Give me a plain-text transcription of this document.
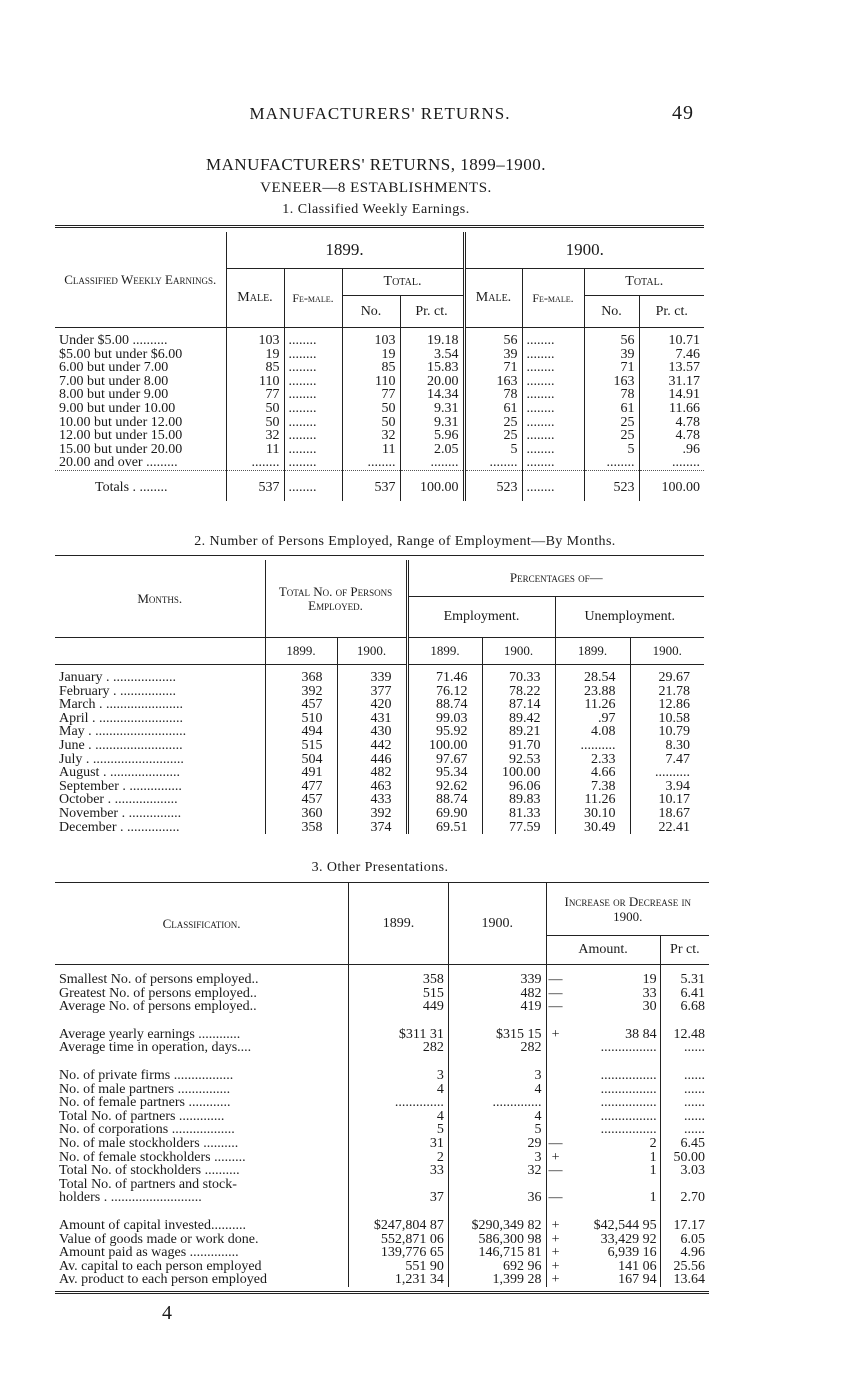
MANUFACTURERS' RETURNS.	49
MANUFACTURERS' RETURNS, 1899–1900.
VENEER—8 ESTABLISHMENTS.
1. Classified Weekly Earnings.
Classified Weekly Earnings.	1899.				1900.			
	Male.	Fe-male.	Total.		Male.	Fe-male.	Total.	
			No.	Pr. ct.			No.	Pr. ct.
Under $5.00 ..........	103	........	103	19.18	56	........	56	10.71
$5.00 but under $6.00	19	........	19	3.54	39	........	39	7.46
6.00 but under 7.00	85	........	85	15.83	71	........	71	13.57
7.00 but under 8.00	110	........	110	20.00	163	........	163	31.17
8.00 but under 9.00	77	........	77	14.34	78	........	78	14.91
9.00 but under 10.00	50	........	50	9.31	61	........	61	11.66
10.00 but under 12.00	50	........	50	9.31	25	........	25	4.78
12.00 but under 15.00	32	........	32	5.96	25	........	25	4.78
15.00 but under 20.00	11	........	11	2.05	5	........	5	.96
20.00 and over .........	........	........	........	........	........	........	........	........
Totals . ........	537	........	537	100.00	523	........	523	100.00
2. Number of Persons Employed, Range of Employment—By Months.
Months.	Total No. of Persons Employed.		Percentages of—			
			Employment.		Unemployment.	
	1899.	1900.	1899.	1900.	1899.	1900.
January . ..................	368	339	71.46	70.33	28.54	29.67
February . ................	392	377	76.12	78.22	23.88	21.78
March . ......................	457	420	88.74	87.14	11.26	12.86
April . ........................	510	431	99.03	89.42	.97	10.58
May . ..........................	494	430	95.92	89.21	4.08	10.79
June . .........................	515	442	100.00	91.70	..........	8.30
July . ..........................	504	446	97.67	92.53	2.33	7.47
August . ....................	491	482	95.34	100.00	4.66	..........
September . ...............	477	463	92.62	96.06	7.38	3.94
October . ..................	457	433	88.74	89.83	11.26	10.17
November . ...............	360	392	69.90	81.33	30.10	18.67
December . ...............	358	374	69.51	77.59	30.49	22.41
3. Other Presentations.
Classification.	1899.	1900.	Increase or Decrease in 1900.		
			Amount.		Pr ct.
Smallest No. of persons employed..	358	339	—	19	5.31
Greatest No. of persons employed..	515	482	—	33	6.41
Average No. of persons employed..	449	419	—	30	6.68
Average yearly earnings ............	$311 31	$315 15	+	38 84	12.48
Average time in operation, days....	282	282		................	......
No. of private firms .................	3	3		................	......
No. of male partners ...............	4	4		................	......
No. of female partners ............	..............	..............		................	......
Total No. of partners .............	4	4		................	......
No. of corporations ..................	5	5		................	......
No. of male stockholders ..........	31	29	—	2	6.45
No. of female stockholders .........	2	3	+	1	50.00
Total No. of stockholders ..........	33	32	—	1	3.03
Total No. of partners and stock-					
holders . ..........................	37	36	—	1	2.70
Amount of capital invested..........	$247,804 87	$290,349 82	+	$42,544 95	17.17
Value of goods made or work done.	552,871 06	586,300 98	+	33,429 92	6.05
Amount paid as wages ..............	139,776 65	146,715 81	+	6,939 16	4.96
Av. capital to each person employed	551 90	692 96	+	141 06	25.56
Av. product to each person employed	1,231 34	1,399 28	+	167 94	13.64
4
